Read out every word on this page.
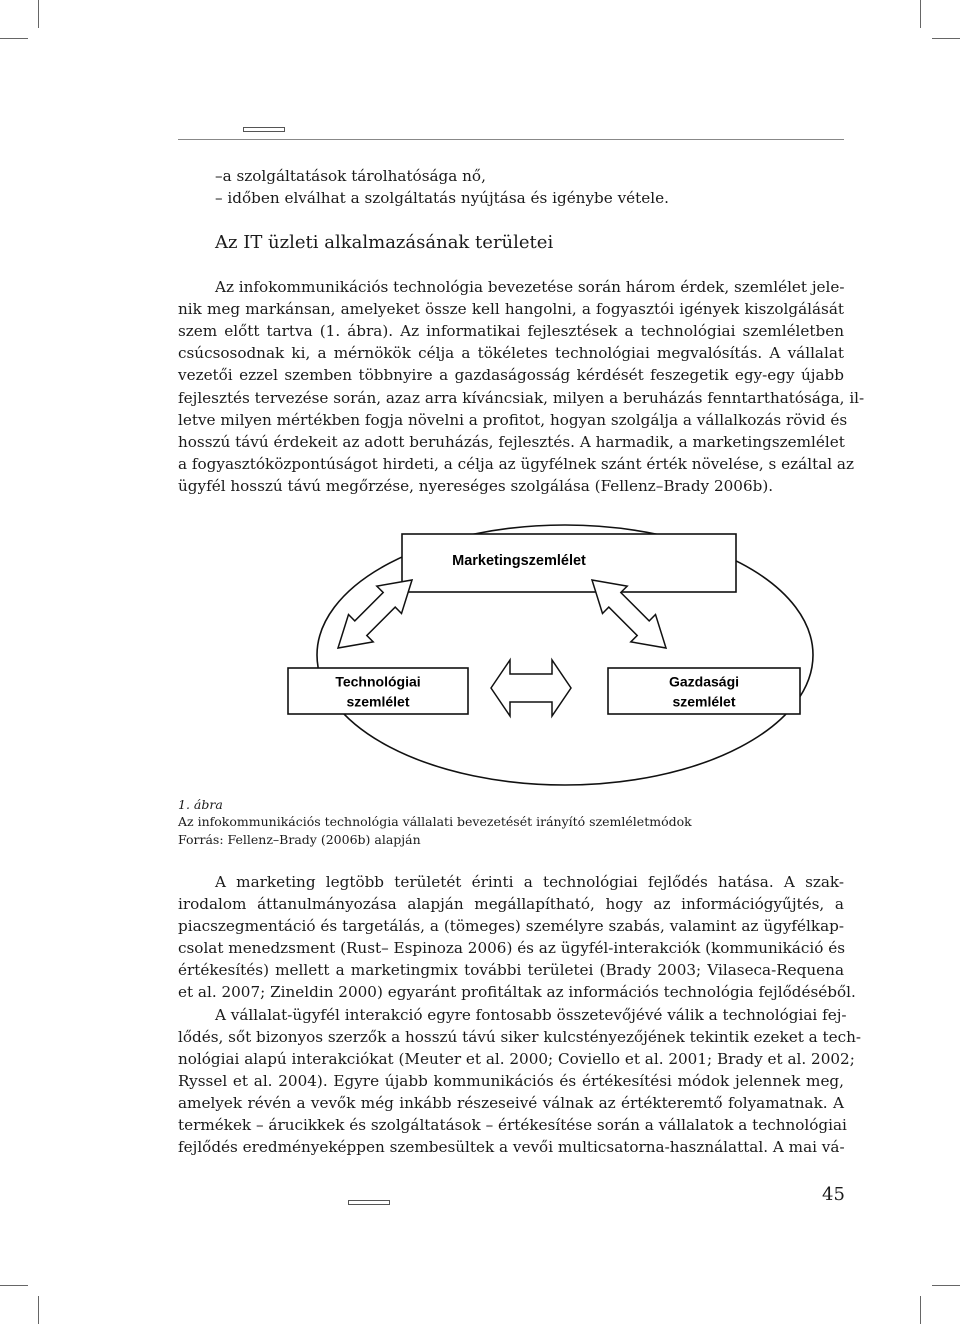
–a szolgáltatások tárolhatósága nő,
– időben elválhat a szolgáltatás nyújtása és igénybe vétele.
Az IT üzleti alkalmazásának területei
Az infokommunikációs technológia bevezetése során három érdek, szemlélet jele-
nik meg markánsan, amelyeket össze kell hangolni, a fogyasztói igények kiszolgálását
szem előtt tartva (1. ábra). Az informatikai fejlesztések a technológiai szemléletben
csúcsosodnak ki, a mérnökök célja a tökéletes technológiai megvalósítás. A vállalat
vezetői ezzel szemben többnyire a gazdaságosság kérdését feszegetik egy-egy újabb
fejlesztés tervezése során, azaz arra kíváncsiak, milyen a beruházás fenntarthatósága, il-
letve milyen mértékben fogja növelni a profitot, hogyan szolgálja a vállalkozás rövid és
hosszú távú érdekeit az adott beruházás, fejlesztés. A harmadik, a marketingszemlélet
a fogyasztóközpontúságot hirdeti, a célja az ügyfélnek szánt érték növelése, s ezáltal az
ügyfél hosszú távú megőrzése, nyereséges szolgálása (Fellenz–Brady 2006b).
Marketingszemlélet
Technológiai
szemlélet
Gazdasági
szemlélet
1. ábra
Az infokommunikációs technológia vállalati bevezetését irányító szemléletmódok
Forrás: Fellenz–Brady (2006b) alapján
A marketing legtöbb területét érinti a technológiai fejlődés hatása. A szak-
irodalom áttanulmányozása alapján megállapítható, hogy az információgyűjtés, a
piacszegmentáció és targetálás, a (tömeges) személyre szabás, valamint az ügyfélkap-
csolat menedzsment (Rust– Espinoza 2006) és az ügyfél-interakciók (kommunikáció és
értékesítés) mellett a marketingmix további területei (Brady 2003; Vilaseca-Requena
et al. 2007; Zineldin 2000) egyaránt profitáltak az információs technológia fejlődéséből.
A vállalat-ügyfél interakció egyre fontosabb összetevőjévé válik a technológiai fej-
lődés, sőt bizonyos szerzők a hosszú távú siker kulcstényezőjének tekintik ezeket a tech-
nológiai alapú interakciókat (Meuter et al. 2000; Coviello et al. 2001; Brady et al. 2002;
Ryssel et al. 2004). Egyre újabb kommunikációs és értékesítési módok jelennek meg,
amelyek révén a vevők még inkább részeseivé válnak az értékteremtő folyamatnak. A
termékek – árucikkek és szolgáltatások – értékesítése során a vállalatok a technológiai
fejlődés eredményeképpen szembesültek a vevői multicsatorna-használattal. A mai vá-
45
